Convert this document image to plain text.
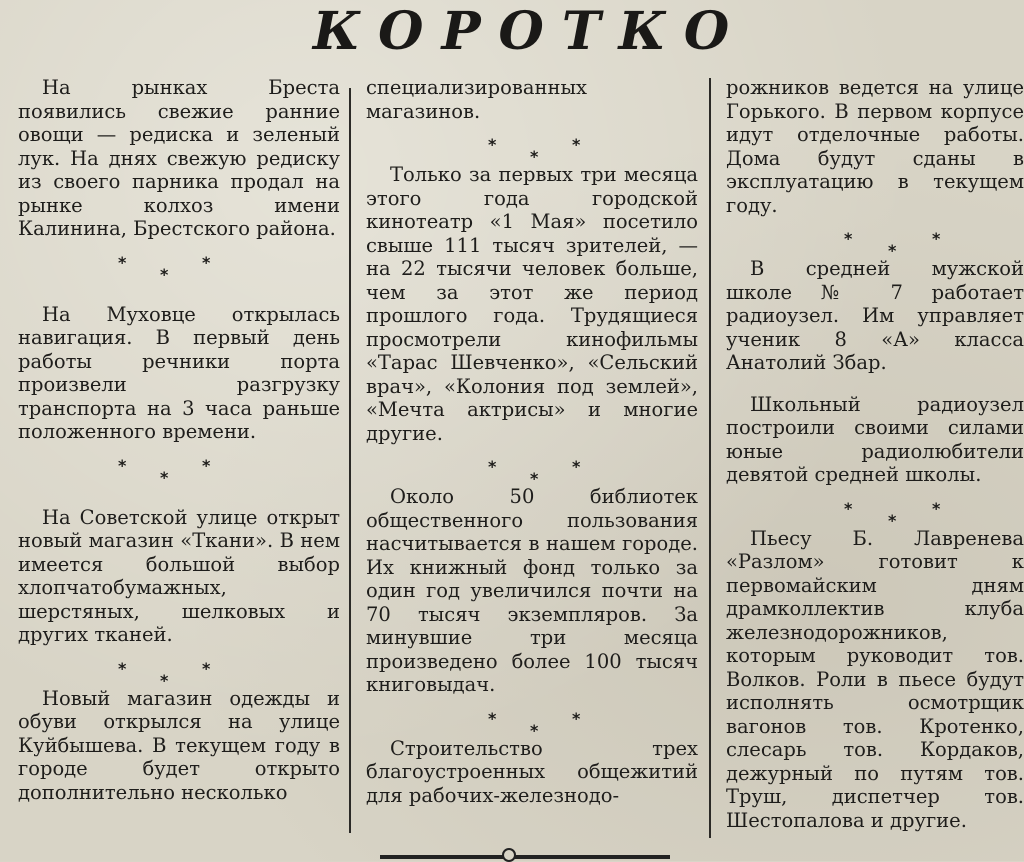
КОРОТКО

На рынках Бреста появились свежие ранние овощи — редиска и зеленый лук. На днях свежую редиску из своего парника продал на рынке колхоз имени Калинина, Брестского района.

*
*
*

На Муховце открылась навигация. В первый день работы речники порта произвели разгрузку транспорта на 3 часа раньше положенного времени.

*
*
*

На Советской улице открыт новый магазин «Ткани». В нем имеется большой выбор хлопчатобумажных, шерстяных, шелковых и других тканей.

*
*
*

Новый магазин одежды и обуви открылся на улице Куйбышева. В текущем году в городе будет открыто дополнительно несколько

специализированных магазинов.

*
*
*

Только за первых три месяца этого года городской кинотеатр «1 Мая» посетило свыше 111 тысяч зрителей, — на 22 тысячи человек больше, чем за этот же период прошлого года. Трудящиеся просмотрели кинофильмы «Тарас Шевченко», «Сельский врач», «Колония под землей», «Мечта актрисы» и многие другие.

*
*
*

Около 50 библиотек общественного пользования насчитывается в нашем городе. Их книжный фонд только за один год увеличился почти на 70 тысяч экземпляров. За минувшие три месяца произведено более 100 тысяч книговыдач.

*
*
*

Строительство трех благоустроенных общежитий для рабочих-железнодо-

рожников ведется на улице Горького. В первом корпусе идут отделочные работы. Дома будут сданы в эксплуатацию в текущем году.

*
*
*

В средней мужской школе № 7 работает радиоузел. Им управляет ученик 8 «А» класса Анатолий Збар.

Школьный радиоузел построили своими силами юные радиолюбители девятой средней школы.

*
*
*

Пьесу Б. Лавренева «Разлом» готовит к первомайским дням драмколлектив клуба железнодорожников, которым руководит тов. Волков. Роли в пьесе будут исполнять осмотрщик вагонов тов. Кротенко, слесарь тов. Кордаков, дежурный по путям тов. Труш, диспетчер тов. Шестопалова и другие.
